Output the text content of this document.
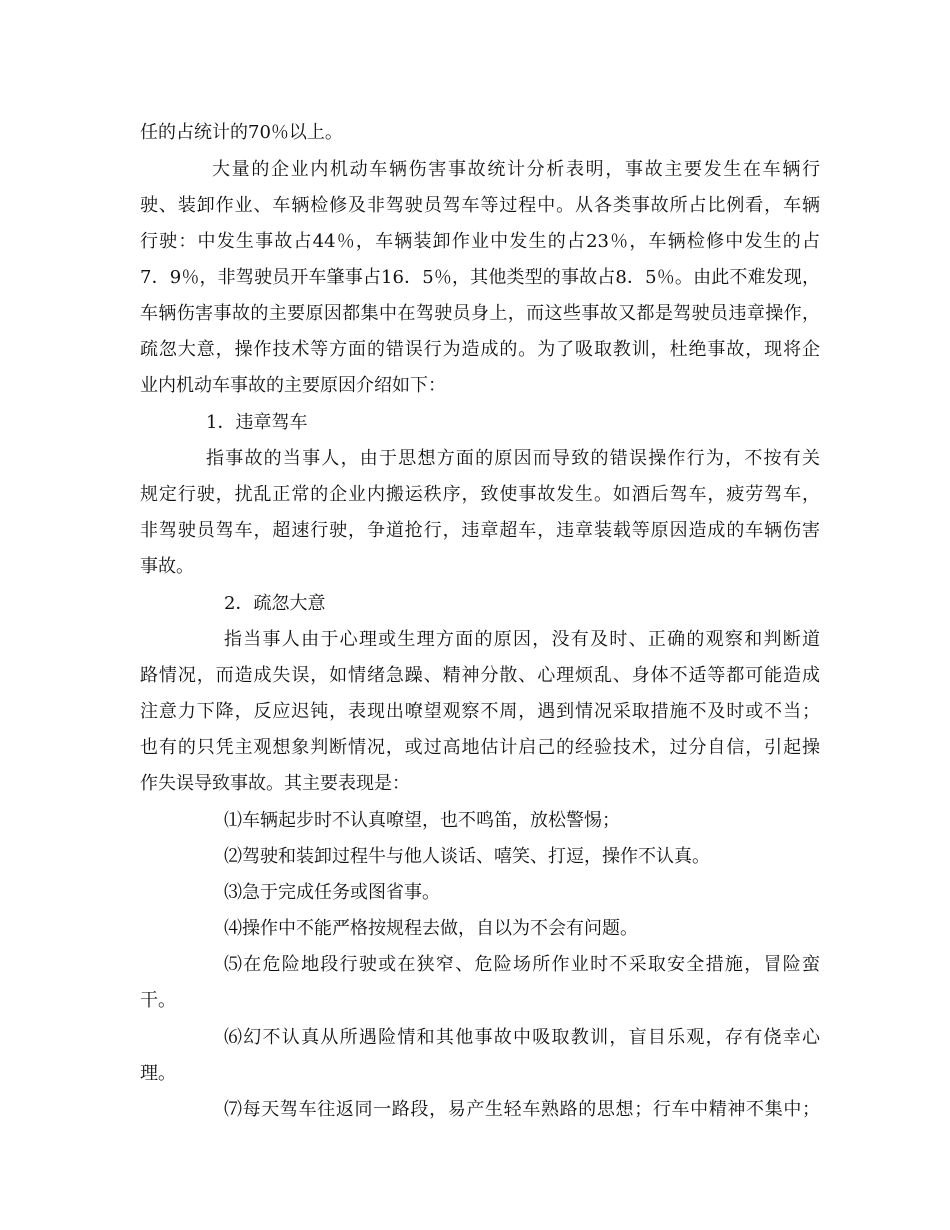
任的占统计的70％以上。
大量的企业内机动车辆伤害事故统计分析表明，事故主要发生在车辆行
驶、装卸作业、车辆检修及非驾驶员驾车等过程中。从各类事故所占比例看，车辆
行驶：中发生事故占44％，车辆装卸作业中发生的占23％，车辆检修中发生的占
7．9％，非驾驶员开车肇事占16．5％，其他类型的事故占8．5％。由此不难发现，
车辆伤害事故的主要原因都集中在驾驶员身上，而这些事故又都是驾驶员违章操作，
疏忽大意，操作技术等方面的错误行为造成的。为了吸取教训，杜绝事故，现将企
业内机动车事故的主要原因介绍如下：
1．违章驾车
指事故的当事人，由于思想方面的原因而导致的错误操作行为，不按有关
规定行驶，扰乱正常的企业内搬运秩序，致使事故发生。如酒后驾车，疲劳驾车，
非驾驶员驾车，超速行驶，争道抢行，违章超车，违章装载等原因造成的车辆伤害
事故。
2．疏忽大意
指当事人由于心理或生理方面的原因，没有及时、正确的观察和判断道
路情况，而造成失误，如情绪急躁、精神分散、心理烦乱、身体不适等都可能造成
注意力下降，反应迟钝，表现出嘹望观察不周，遇到情况采取措施不及时或不当；
也有的只凭主观想象判断情况，或过高地估计启己的经验技术，过分自信，引起操
作失误导致事故。其主要表现是：
⑴车辆起步时不认真嘹望，也不鸣笛，放松警惕；
⑵驾驶和装卸过程牛与他人谈话、嘻笑、打逗，操作不认真。
⑶急于完成任务或图省事。
⑷操作中不能严格按规程去做，自以为不会有问题。
⑸在危险地段行驶或在狭窄、危险场所作业时不采取安全措施，冒险蛮
干。
⑹幻不认真从所遇险情和其他事故中吸取教训，盲目乐观，存有侥幸心
理。
⑺每天驾车往返同一路段，易产生轻车熟路的思想；行车中精神不集中；
